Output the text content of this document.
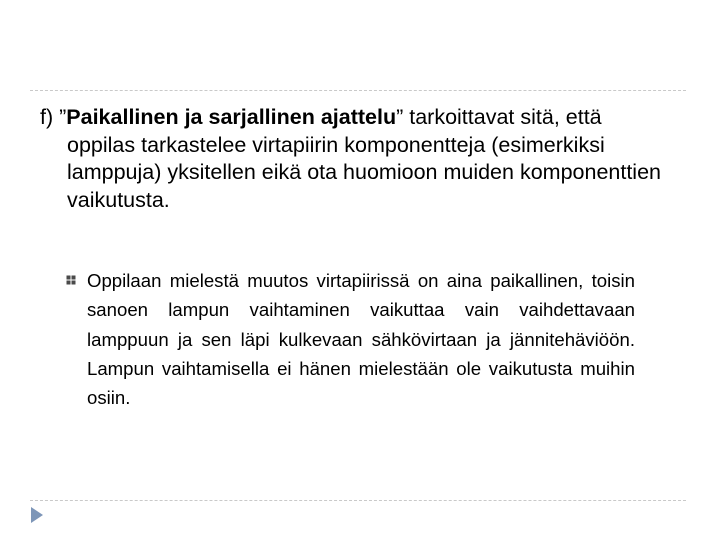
f) ”Paikallinen ja sarjallinen ajattelu” tarkoittavat sitä, että oppilas tarkastelee virtapiirin komponentteja (esimerkiksi lamppuja) yksitellen eikä ota huomioon muiden komponenttien vaikutusta.
Oppilaan mielestä muutos virtapiirissä on aina paikallinen, toisin sanoen lampun vaihtaminen vaikuttaa vain vaihdettavaan lamppuun ja sen läpi kulkevaan sähkövirtaan ja jännitehäviöön. Lampun vaihtamisella ei hänen mielestään ole vaikutusta muihin osiin.
